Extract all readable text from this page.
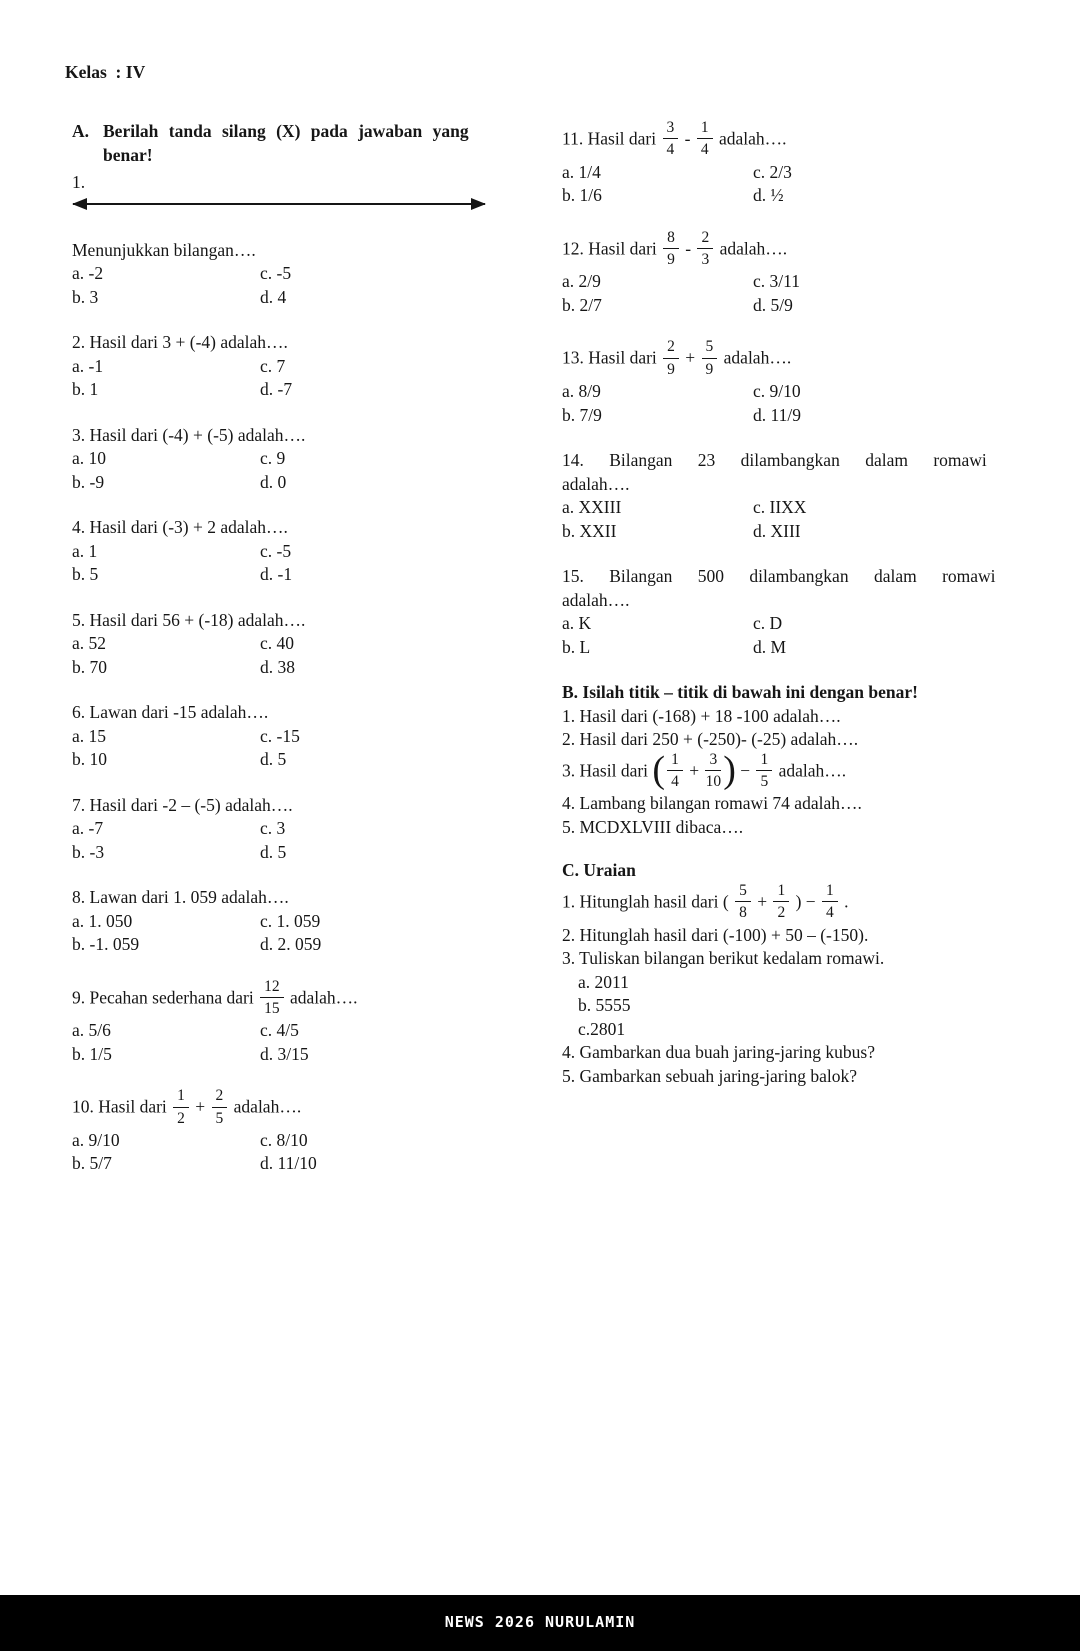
Kelas  : IV
A. Berilah tanda silang (X) pada jawaban yang
benar!
1.
Menunjukkan bilangan….
a. -2	c. -5
b. 3	d. 4
2. Hasil dari 3 + (-4) adalah….
a. -1	c. 7
b. 1	d. -7
3. Hasil dari (-4) + (-5) adalah….
a. 10	c. 9
b. -9	d. 0
4. Hasil dari (-3) + 2 adalah….
a. 1	c. -5
b. 5	d. -1
5. Hasil dari 56 + (-18) adalah….
a. 52	c. 40
b. 70	d. 38
6. Lawan dari -15 adalah….
a. 15	c. -15
b. 10	d. 5
7. Hasil dari -2 – (-5) adalah….
a. -7	c. 3
b. -3	d. 5
8. Lawan dari 1. 059 adalah….
a. 1. 050	c. 1. 059
b. -1. 059	d. 2. 059
9. Pecahan sederhana dari $\frac{12}{15}$ adalah….
a. 5/6	c. 4/5
b. 1/5	d. 3/15
10. Hasil dari $\frac{1}{2} + \frac{2}{5}$ adalah….
a. 9/10	c. 8/10
b. 5/7	d. 11/10
11. Hasil dari $\frac{3}{4} - \frac{1}{4}$ adalah….
a. 1/4	c. 2/3
b. 1/6	d. ½
12. Hasil dari $\frac{8}{9} - \frac{2}{3}$ adalah….
a. 2/9	c. 3/11
b. 2/7	d. 5/9
13. Hasil dari $\frac{2}{9} + \frac{5}{9}$ adalah….
a. 8/9	c. 9/10
b. 7/9	d. 11/9
14. Bilangan 23 dilambangkan dalam romawi
adalah….
a. XXIII	c. IIXX
b. XXII	d. XIII
15. Bilangan 500 dilambangkan dalam romawi
adalah….
a. K	c. D
b. L	d. M
B. Isilah titik – titik di bawah ini dengan benar!
1. Hasil dari (-168) + 18 -100 adalah….
2. Hasil dari 250 + (-250)- (-25) adalah….
3. Hasil dari ( $\frac{1}{4} + \frac{3}{10}$ ) − $\frac{1}{5}$ adalah….
4. Lambang bilangan romawi 74 adalah….
5. MCDXLVIII dibaca….
C. Uraian
1. Hitunglah hasil dari ( $\frac{5}{8} + \frac{1}{2}$ ) − $\frac{1}{4}$ .
2. Hitunglah hasil dari (-100) + 50 – (-150).
3. Tuliskan bilangan berikut kedalam romawi.
a. 2011
b. 5555
c.2801
4. Gambarkan dua buah jaring-jaring kubus?
5. Gambarkan sebuah jaring-jaring balok?
NEWS 2026 NURULAMIN
